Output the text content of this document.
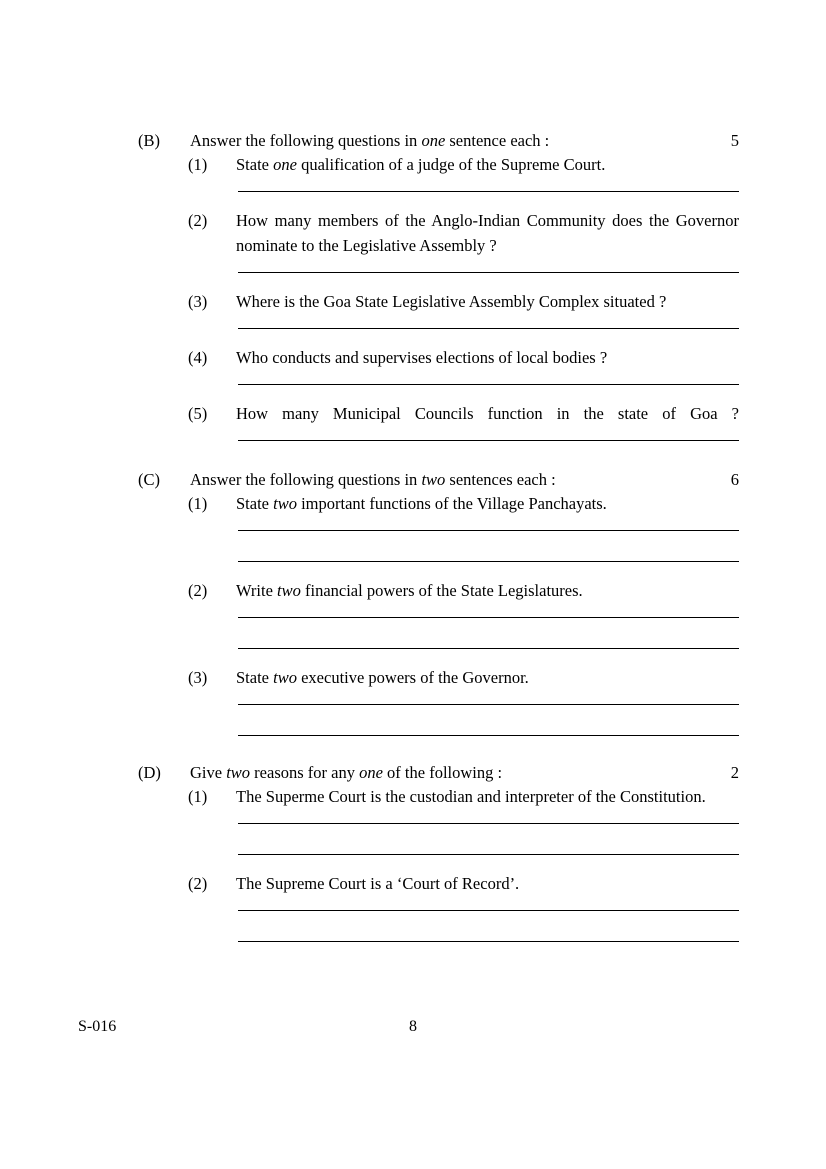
(B)	Answer the following questions in one sentence each :	5
(1)	State one qualification of a judge of the Supreme Court.
(2)	How many members of the Anglo-Indian Community does the Governor nominate to the Legislative Assembly ?
(3)	Where is the Goa State Legislative Assembly Complex situated ?
(4)	Who conducts and supervises elections of local bodies ?
(5)	How many Municipal Councils function in the state of Goa ?
(C)	Answer the following questions in two sentences each :	6
(1)	State two important functions of the Village Panchayats.
(2)	Write two financial powers of the State Legislatures.
(3)	State two executive powers of the Governor.
(D)	Give two reasons for any one of the following :	2
(1)	The Superme Court is the custodian and interpreter of the Constitution.
(2)	The Supreme Court is a ‘Court of Record’.
S-016	8
